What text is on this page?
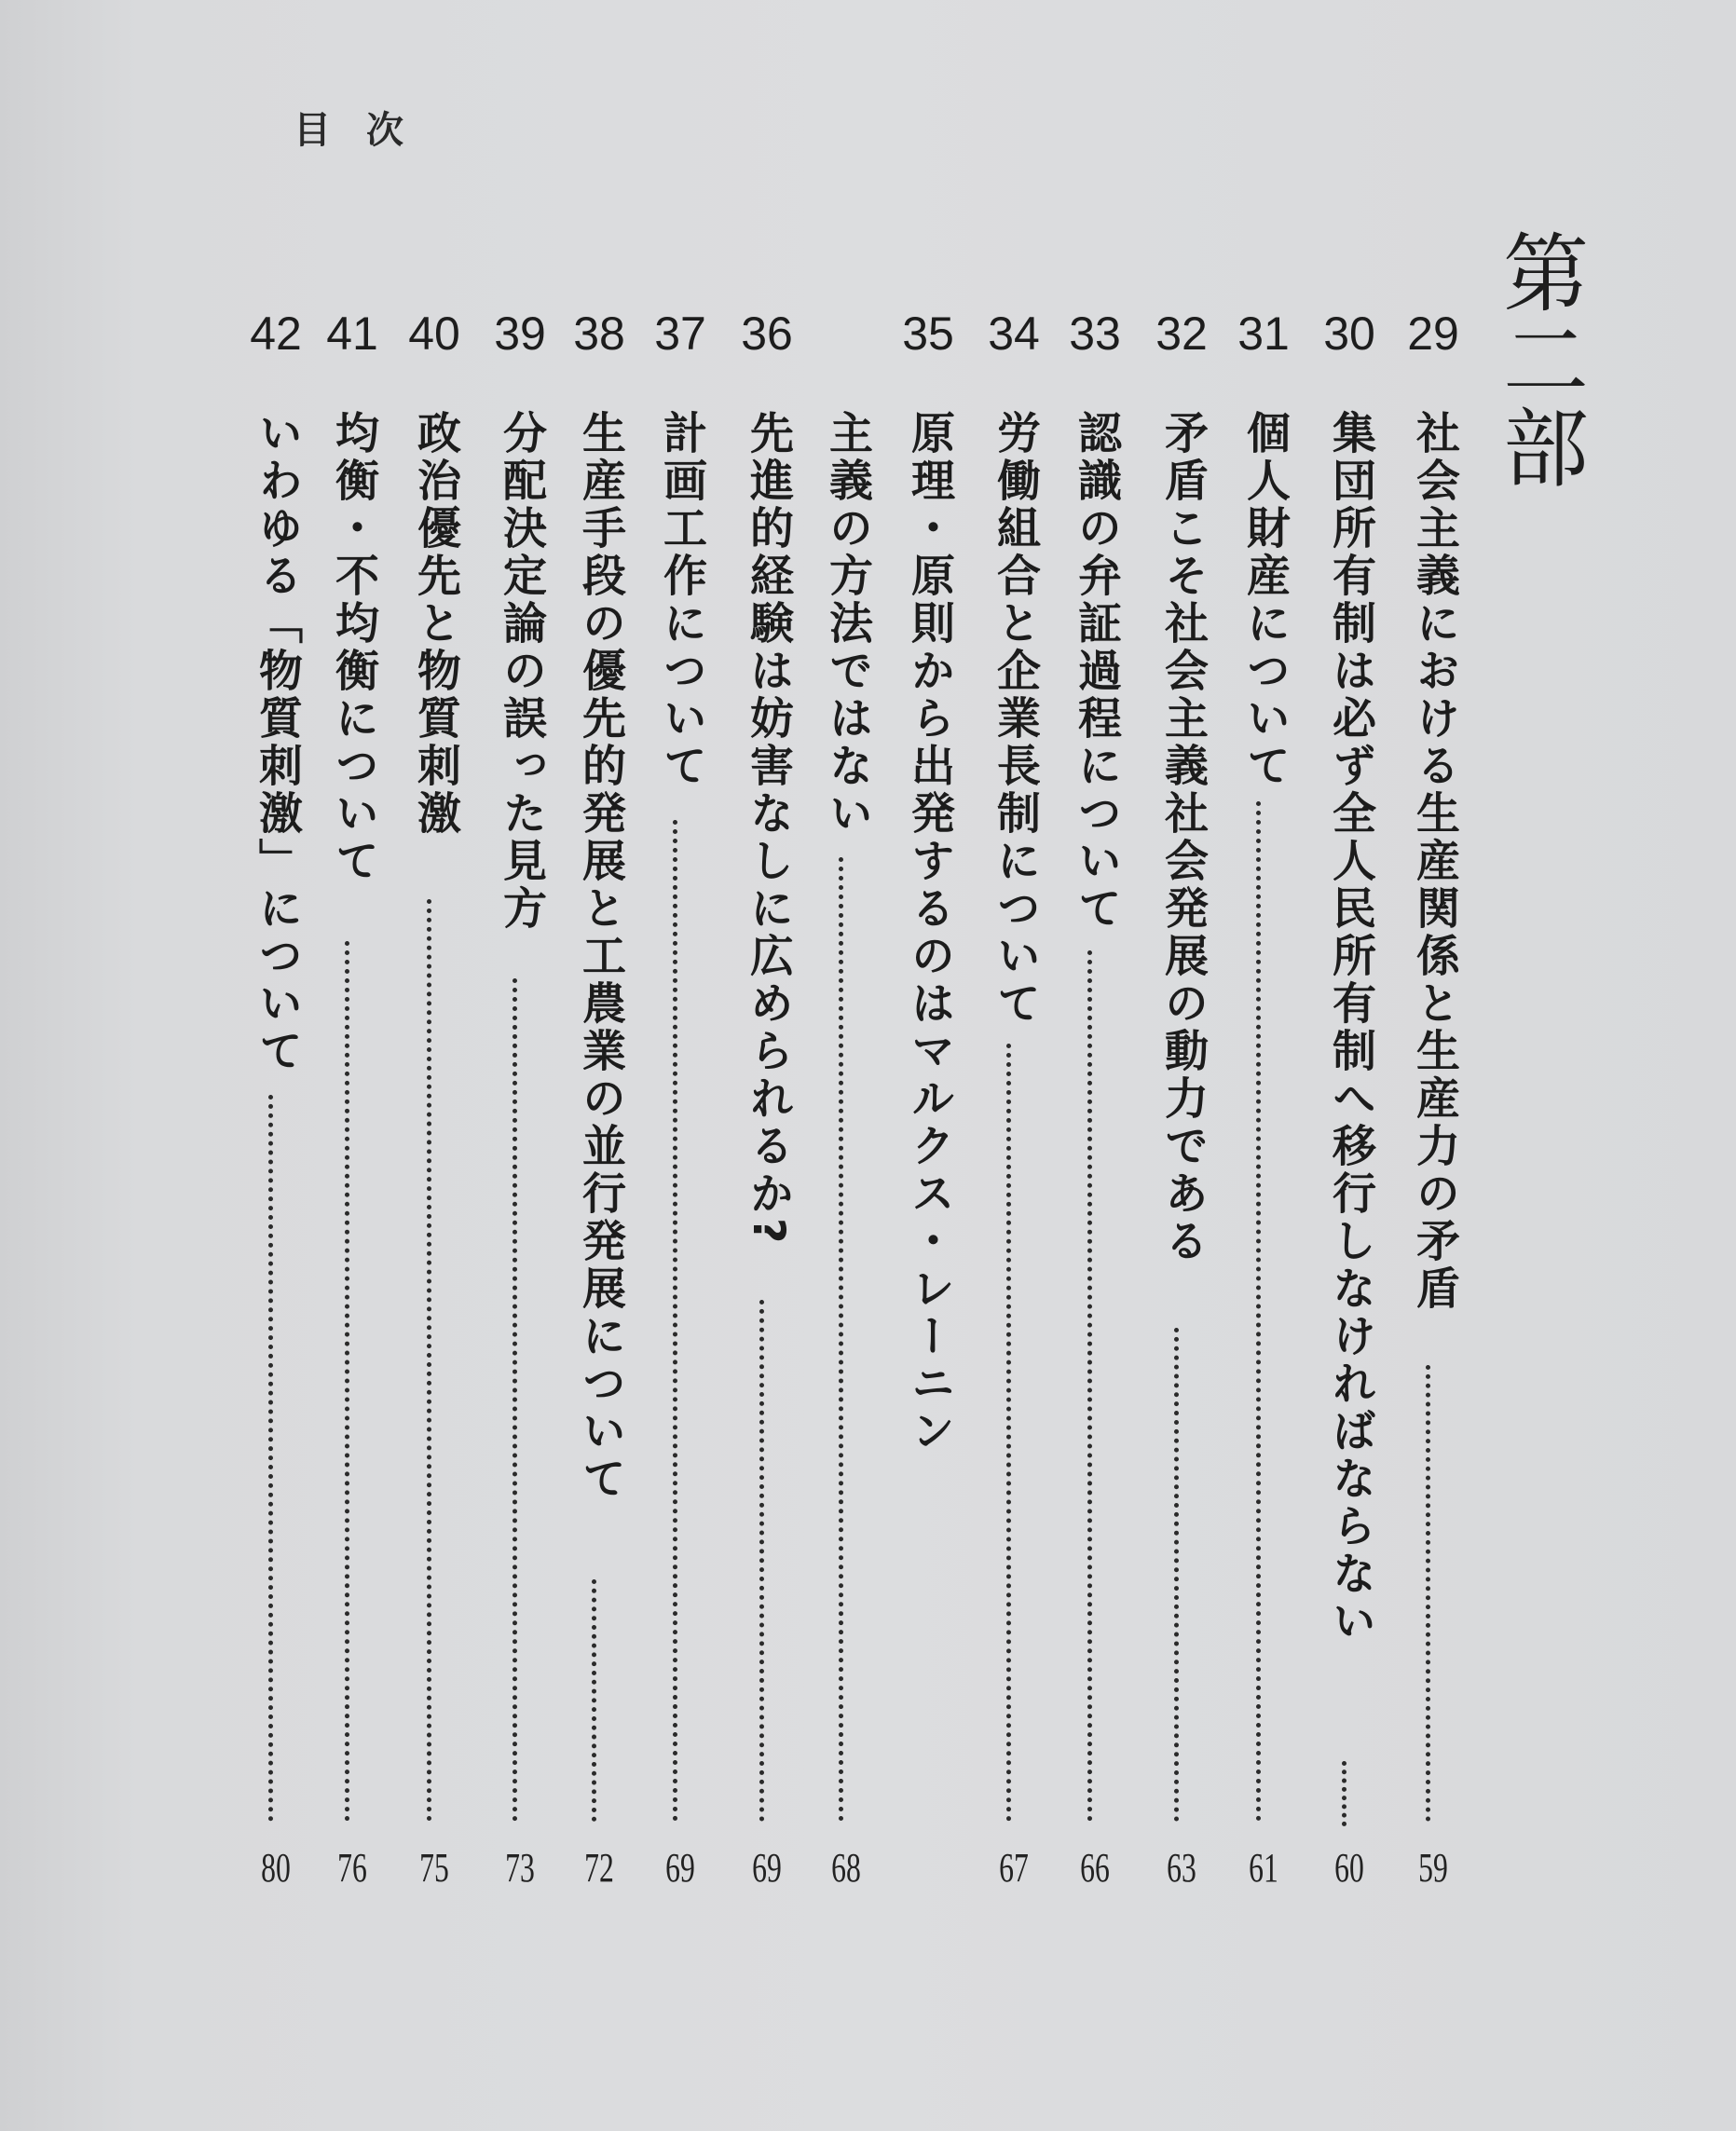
目次
第二部
29
社会主義における生産関係と生産力の矛盾
59
30
集団所有制は必ず全人民所有制へ移行しなければならない
60
31
個人財産について
61
32
矛盾こそ社会主義社会発展の動力である
63
33
認識の弁証過程について
66
34
労働組合と企業長制について
67
35
原理・原則から出発するのはマルクス・レーニン
主義の方法ではない
68
36
先進的経験は妨害なしに広められるか?
69
37
計画工作について
69
38
生産手段の優先的発展と工農業の並行発展について
72
39
分配決定論の誤った見方
73
40
政治優先と物質刺激
75
41
均衡・不均衡について
76
42
いわゆる「物質刺激」について
80
